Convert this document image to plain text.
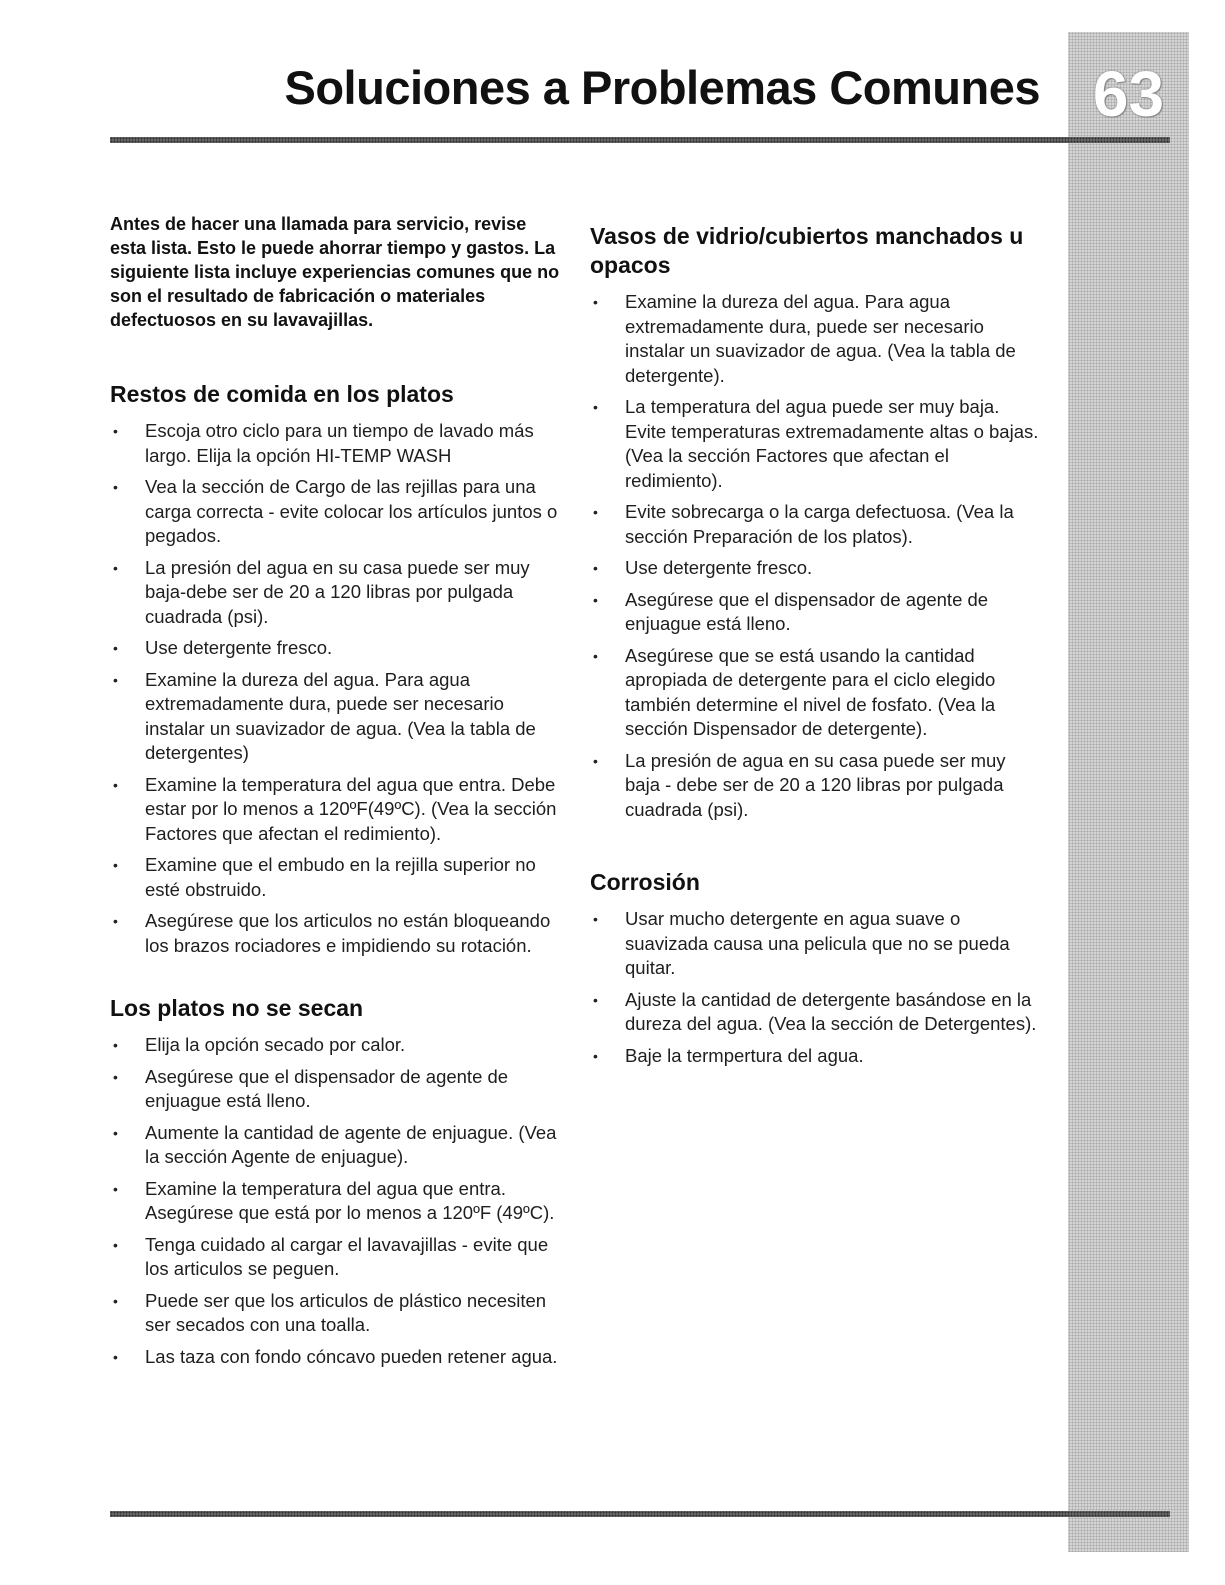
63
Soluciones a Problemas Comunes

Antes de hacer una llamada para servicio, revise esta lista. Esto le puede ahorrar tiempo y gastos. La siguiente lista incluye experiencias comunes que no son el resultado de fabricación o materiales defectuosos en su lavavajillas.

Restos de comida en los platos
• Escoja otro ciclo para un tiempo de lavado más largo. Elija la opción HI-TEMP WASH
• Vea la sección de Cargo de las rejillas para una carga correcta - evite colocar los artículos juntos o pegados.
• La presión del agua en su casa puede ser muy baja-debe ser de 20 a 120 libras por pulgada cuadrada (psi).
• Use detergente fresco.
• Examine la dureza del agua. Para agua extremadamente dura, puede ser necesario instalar un suavizador de agua. (Vea la tabla de detergentes)
• Examine la temperatura del agua que entra. Debe estar por lo menos a 120ºF(49ºC). (Vea la sección Factores que afectan el redimiento).
• Examine que el embudo en la rejilla superior no esté obstruido.
• Asegúrese que los articulos no están bloqueando los brazos rociadores e impidiendo su rotación.
Los platos no se secan
• Elija la opción secado por calor.
• Asegúrese que el dispensador de agente de enjuague está lleno.
• Aumente la cantidad de agente de enjuague. (Vea la sección Agente de enjuague).
• Examine la temperatura del agua que entra. Asegúrese que está por lo menos a 120ºF (49ºC).
• Tenga cuidado al cargar el lavavajillas - evite que los articulos se peguen.
• Puede ser que los articulos de plástico necesiten ser secados con una toalla.
• Las taza con fondo cóncavo pueden retener agua.
Vasos de vidrio/cubiertos manchados u opacos
• Examine la dureza del agua. Para agua extremadamente dura, puede ser necesario instalar un suavizador de agua. (Vea la tabla de detergente).
• La temperatura del agua puede ser muy baja. Evite temperaturas extremadamente altas o bajas. (Vea la sección Factores que afectan el redimiento).
• Evite sobrecarga o la carga defectuosa. (Vea la sección Preparación de los platos).
• Use detergente fresco.
• Asegúrese que el dispensador de agente de enjuague está lleno.
• Asegúrese que se está usando la cantidad apropiada de detergente para el ciclo elegido también determine el nivel de fosfato. (Vea la sección Dispensador de detergente).
• La presión de agua en su casa puede ser muy baja - debe ser de 20 a 120 libras por pulgada cuadrada (psi).
Corrosión
• Usar mucho detergente en agua suave o suavizada causa una pelicula que no se pueda quitar.
• Ajuste la cantidad de detergente basándose en la dureza del agua. (Vea la sección de Detergentes).
• Baje la termpertura del agua.
